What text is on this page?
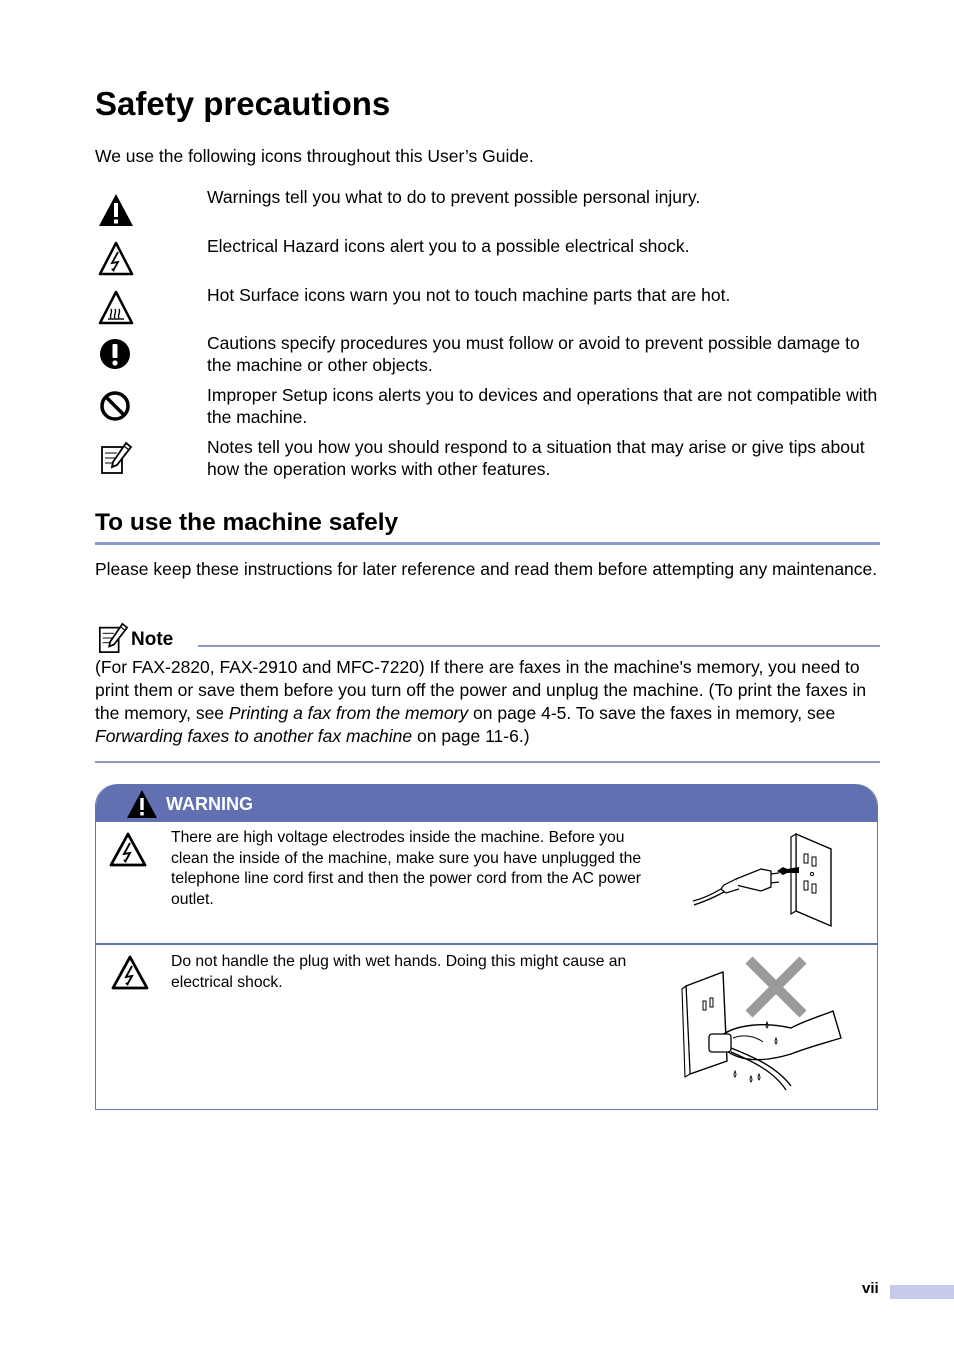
Safety precautions
We use the following icons throughout this User’s Guide.
Warnings tell you what to do to prevent possible personal injury.
Electrical Hazard icons alert you to a possible electrical shock.
Hot Surface icons warn you not to touch machine parts that are hot.
Cautions specify procedures you must follow or avoid to prevent possible damage to the machine or other objects.
Improper Setup icons alerts you to devices and operations that are not compatible with the machine.
Notes tell you how you should respond to a situation that may arise or give tips about how the operation works with other features.
To use the machine safely
Please keep these instructions for later reference and read them before attempting any maintenance.
Note
(For FAX-2820, FAX-2910 and MFC-7220) If there are faxes in the machine's memory, you need to print them or save them before you turn off the power and unplug the machine. (To print the faxes in the memory, see Printing a fax from the memory on page 4-5. To save the faxes in memory, see Forwarding faxes to another fax machine on page 11-6.)
WARNING
There are high voltage electrodes inside the machine. Before you clean the inside of the machine, make sure you have unplugged the telephone line cord first and then the power cord from the AC power outlet.
Do not handle the plug with wet hands. Doing this might cause an electrical shock.
vii
